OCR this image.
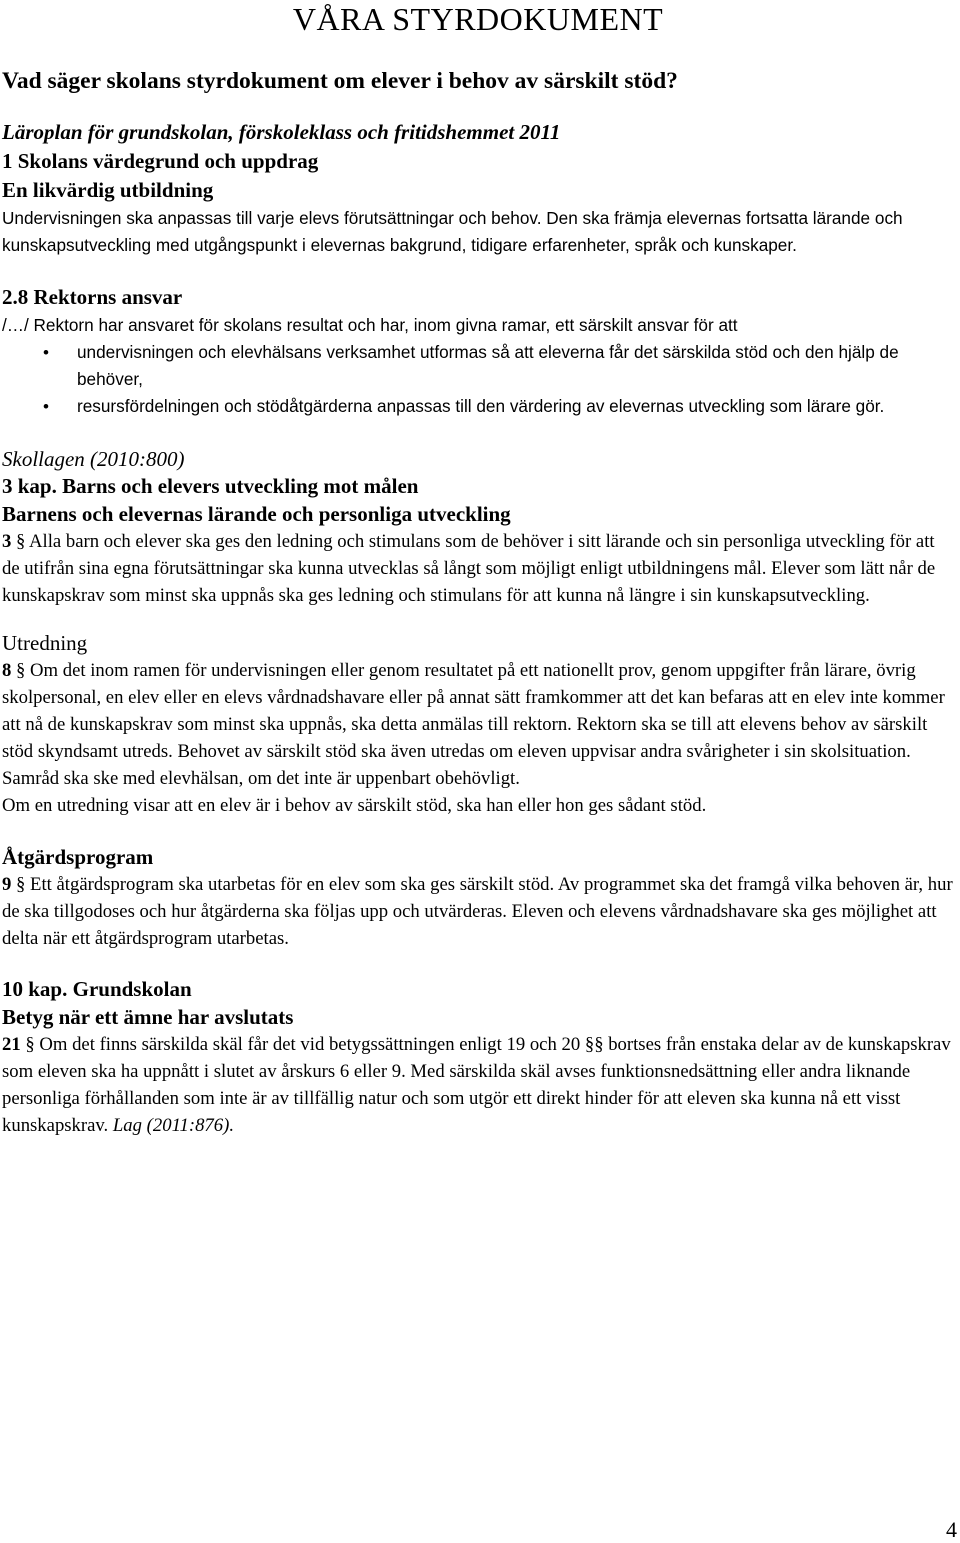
VÅRA STYRDOKUMENT
Vad säger skolans styrdokument om elever i behov av särskilt stöd?
Läroplan för grundskolan, förskoleklass och fritidshemmet 2011
1 Skolans värdegrund och uppdrag
En likvärdig utbildning

Undervisningen ska anpassas till varje elevs förutsättningar och behov. Den ska främja elevernas fortsatta lärande och kunskapsutveckling med utgångspunkt i elevernas bakgrund, tidigare erfarenheter, språk och kunskaper.

2.8 Rektorns ansvar

/…/ Rektorn har ansvaret för skolans resultat och har, inom givna ramar, ett särskilt ansvar för att

• undervisningen och elevhälsans verksamhet utformas så att eleverna får det särskilda stöd och den hjälp de behöver,
• resursfördelningen och stödåtgärderna anpassas till den värdering av elevernas utveckling som lärare gör.
Skollagen (2010:800)
3 kap. Barns och elevers utveckling mot målen
Barnens och elevernas lärande och personliga utveckling

3 § Alla barn och elever ska ges den ledning och stimulans som de behöver i sitt lärande och sin personliga utveckling för att de utifrån sina egna förutsättningar ska kunna utvecklas så långt som möjligt enligt utbildningens mål. Elever som lätt når de kunskapskrav som minst ska uppnås ska ges ledning och stimulans för att kunna nå längre i sin kunskapsutveckling.

Utredning

8 § Om det inom ramen för undervisningen eller genom resultatet på ett nationellt prov, genom uppgifter från lärare, övrig skolpersonal, en elev eller en elevs vårdnadshavare eller på annat sätt framkommer att det kan befaras att en elev inte kommer att nå de kunskapskrav som minst ska uppnås, ska detta anmälas till rektorn. Rektorn ska se till att elevens behov av särskilt stöd skyndsamt utreds. Behovet av särskilt stöd ska även utredas om eleven uppvisar andra svårigheter i sin skolsituation. Samråd ska ske med elevhälsan, om det inte är uppenbart obehövligt.

Om en utredning visar att en elev är i behov av särskilt stöd, ska han eller hon ges sådant stöd.

Åtgärdsprogram

9 § Ett åtgärdsprogram ska utarbetas för en elev som ska ges särskilt stöd. Av programmet ska det framgå vilka behoven är, hur de ska tillgodoses och hur åtgärderna ska följas upp och utvärderas. Eleven och elevens vårdnadshavare ska ges möjlighet att delta när ett åtgärdsprogram utarbetas.

10 kap. Grundskolan
Betyg när ett ämne har avslutats

21 § Om det finns särskilda skäl får det vid betygssättningen enligt 19 och 20 §§ bortses från enstaka delar av de kunskapskrav som eleven ska ha uppnått i slutet av årskurs 6 eller 9. Med särskilda skäl avses funktionsnedsättning eller andra liknande personliga förhållanden som inte är av tillfällig natur och som utgör ett direkt hinder för att eleven ska kunna nå ett visst kunskapskrav. Lag (2011:876).

4
